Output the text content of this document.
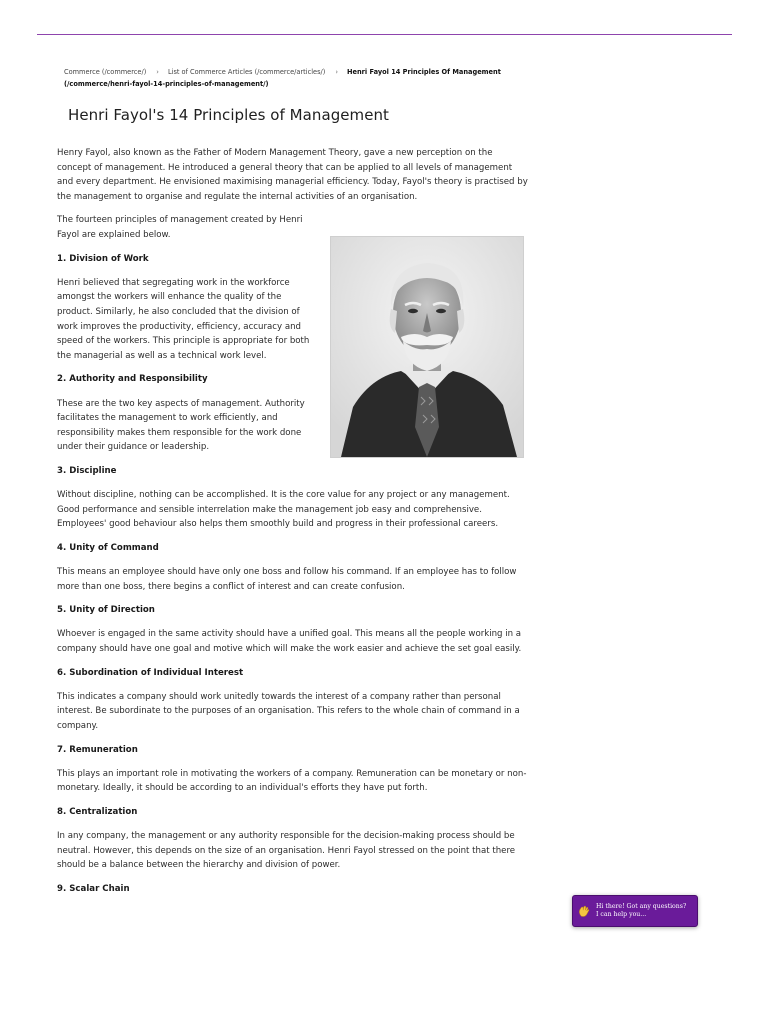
Commerce (/commerce/) › List of Commerce Articles (/commerce/articles/) › Henri Fayol 14 Principles Of Management
(/commerce/henri-fayol-14-principles-of-management/)
Henri Fayol's 14 Principles of Management

Henry Fayol, also known as the Father of Modern Management Theory, gave a new perception on the concept of management. He introduced a general theory that can be applied to all levels of management and every department. He envisioned maximising managerial efficiency. Today, Fayol's theory is practised by the management to organise and regulate the internal activities of an organisation.

The fourteen principles of management created by Henri Fayol are explained below.

1. Division of Work

Henri believed that segregating work in the workforce amongst the workers will enhance the quality of the product. Similarly, he also concluded that the division of work improves the productivity, efficiency, accuracy and speed of the workers. This principle is appropriate for both the managerial as well as a technical work level.

2. Authority and Responsibility

These are the two key aspects of management. Authority facilitates the management to work efficiently, and responsibility makes them responsible for the work done under their guidance or leadership.

3. Discipline

Without discipline, nothing can be accomplished. It is the core value for any project or any management. Good performance and sensible interrelation make the management job easy and comprehensive. Employees' good behaviour also helps them smoothly build and progress in their professional careers.

4. Unity of Command

This means an employee should have only one boss and follow his command. If an employee has to follow more than one boss, there begins a conflict of interest and can create confusion.

5. Unity of Direction

Whoever is engaged in the same activity should have a unified goal. This means all the people working in a company should have one goal and motive which will make the work easier and achieve the set goal easily.

6. Subordination of Individual Interest

This indicates a company should work unitedly towards the interest of a company rather than personal interest. Be subordinate to the purposes of an organisation. This refers to the whole chain of command in a company.

7. Remuneration

This plays an important role in motivating the workers of a company. Remuneration can be monetary or non-monetary. Ideally, it should be according to an individual's efforts they have put forth.

8. Centralization

In any company, the management or any authority responsible for the decision-making process should be neutral. However, this depends on the size of an organisation. Henri Fayol stressed on the point that there should be a balance between the hierarchy and division of power.

9. Scalar Chain
Hi there! Got any questions?
I can help you...
